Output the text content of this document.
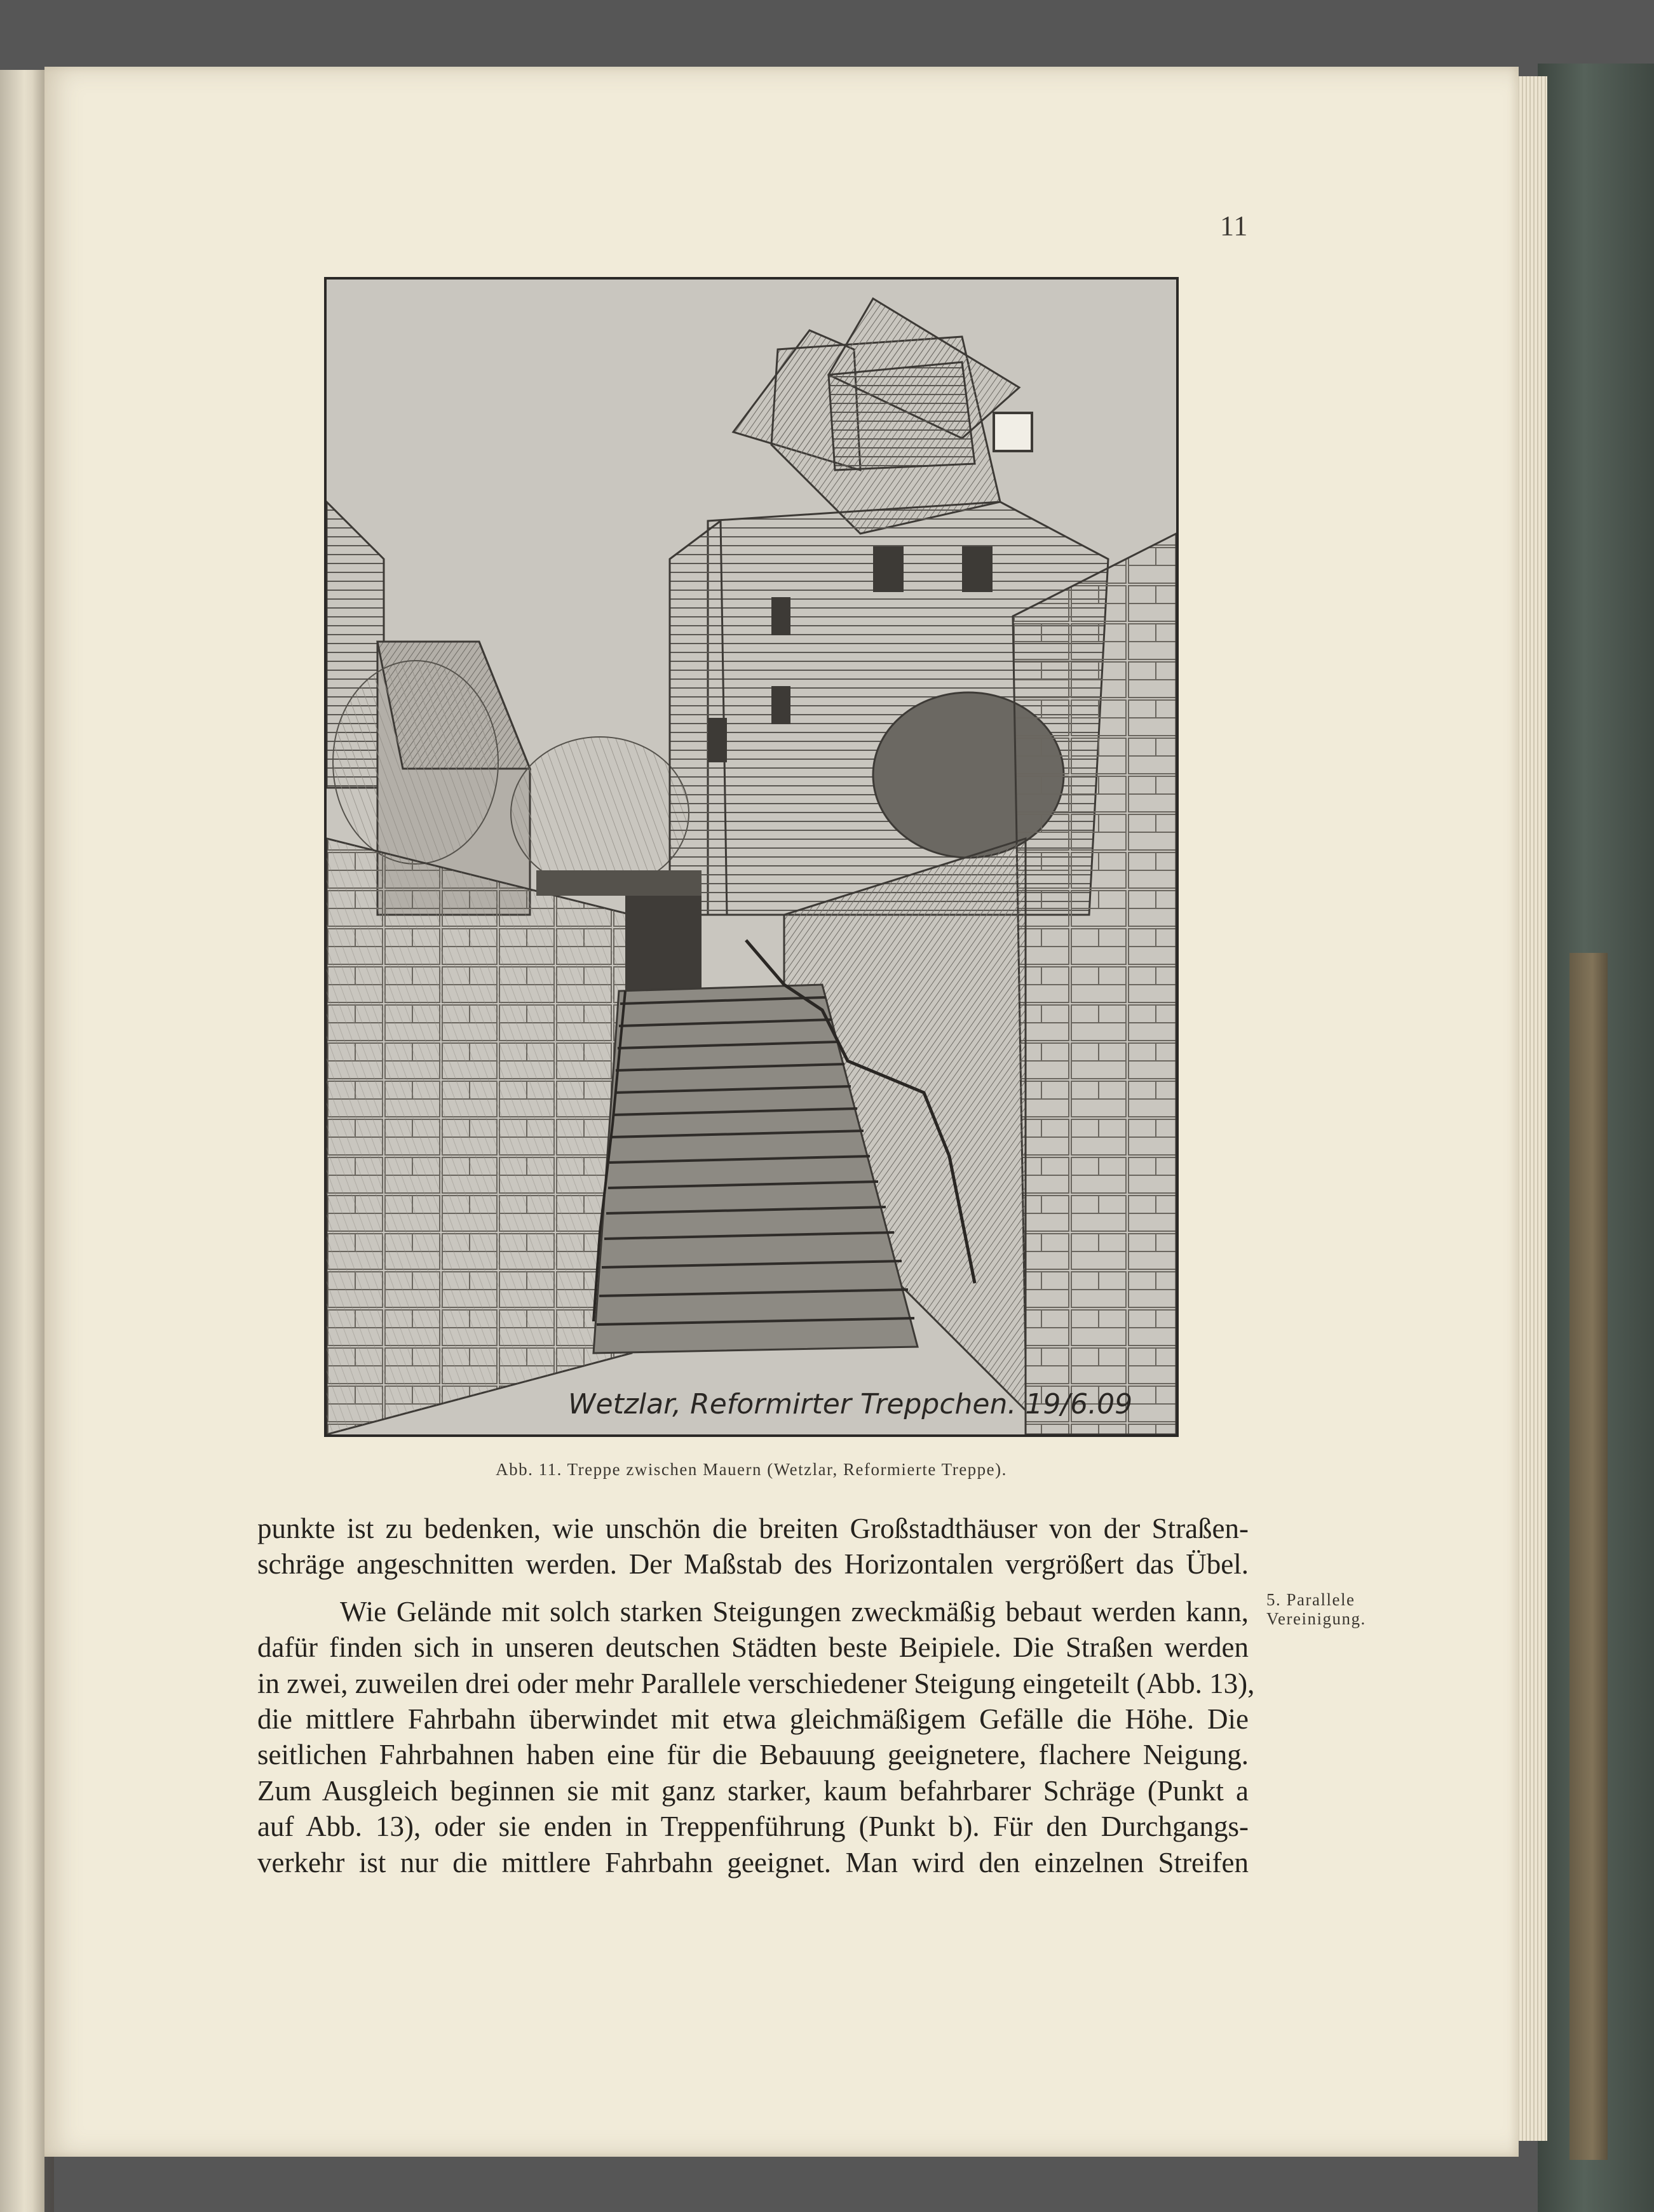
11
Wetzlar, Reformirter Treppchen. 19/6.09
Abb. 11. Treppe zwischen Mauern (Wetzlar, Reformierte Treppe).
punkte ist zu bedenken, wie unschön die breiten Großstadthäuser von der Straßen-
schräge angeschnitten werden. Der Maßstab des Horizontalen vergrößert das Übel.
Wie Gelände mit solch starken Steigungen zweckmäßig bebaut werden kann,
dafür finden sich in unseren deutschen Städten beste Beipiele. Die Straßen werden
in zwei, zuweilen drei oder mehr Parallele verschiedener Steigung eingeteilt (Abb. 13),
die mittlere Fahrbahn überwindet mit etwa gleichmäßigem Gefälle die Höhe. Die
seitlichen Fahrbahnen haben eine für die Bebauung geeignetere, flachere Neigung.
Zum Ausgleich beginnen sie mit ganz starker, kaum befahrbarer Schräge (Punkt a
auf Abb. 13), oder sie enden in Treppenführung (Punkt b). Für den Durchgangs-
verkehr ist nur die mittlere Fahrbahn geeignet. Man wird den einzelnen Streifen
5. Parallele
Vereinigung.
